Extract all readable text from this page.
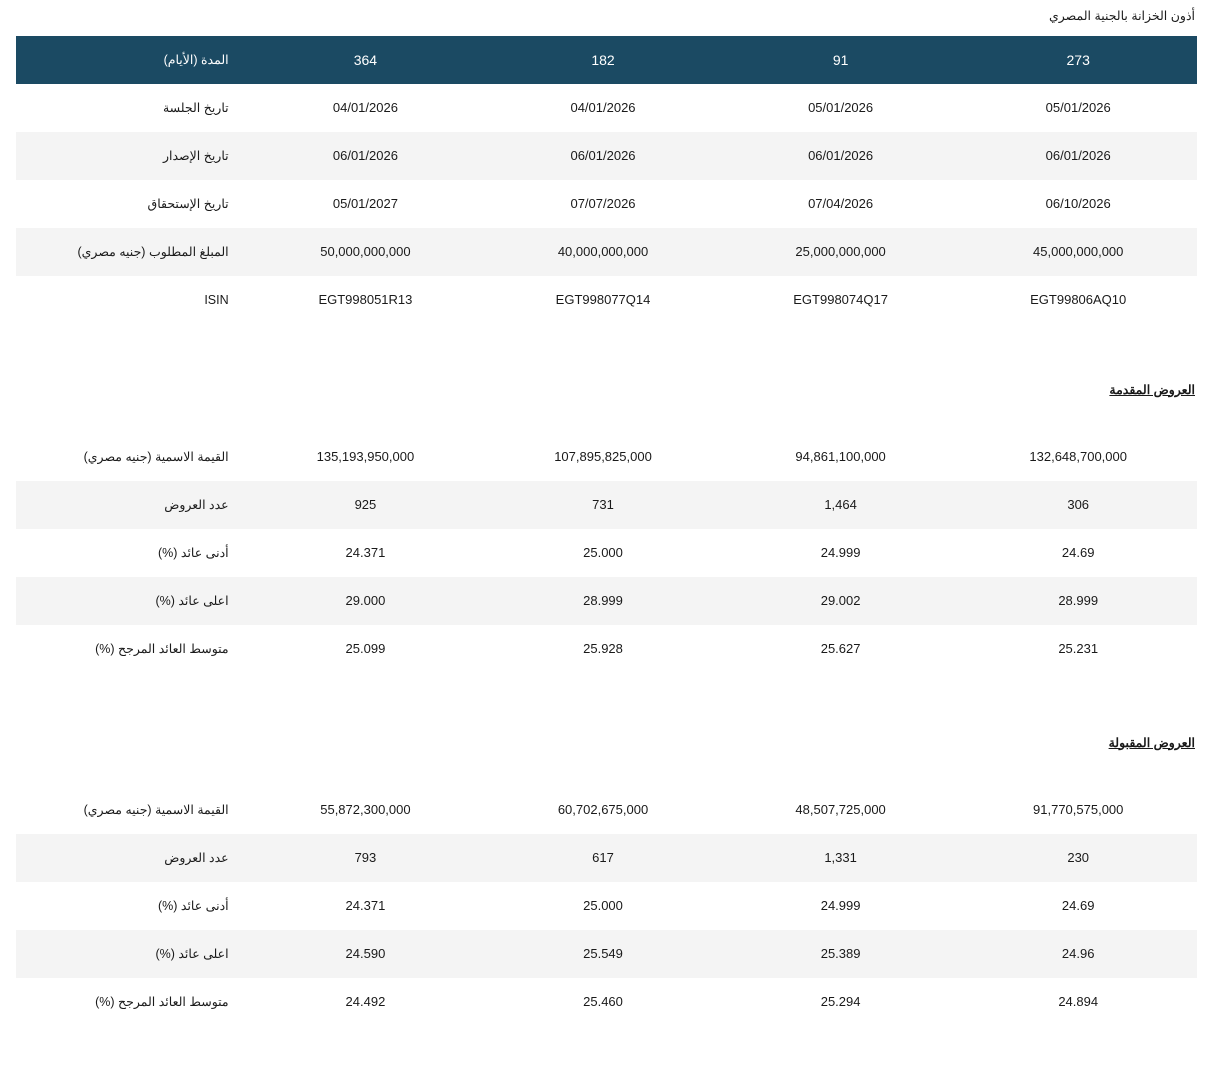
أذون الخزانة بالجنية المصري
273	91	182	364	المدة (الأيام)
05/01/2026	05/01/2026	04/01/2026	04/01/2026	تاريخ الجلسة
06/01/2026	06/01/2026	06/01/2026	06/01/2026	تاريخ الإصدار
06/10/2026	07/04/2026	07/07/2026	05/01/2027	تاريخ الإستحقاق
45,000,000,000	25,000,000,000	40,000,000,000	50,000,000,000	المبلغ المطلوب (جنيه مصري)
EGT99806AQ10	EGT998074Q17	EGT998077Q14	EGT998051R13	ISIN
العروض المقدمة
132,648,700,000	94,861,100,000	107,895,825,000	135,193,950,000	القيمة الاسمية (جنيه مصري)
306	1,464	731	925	عدد العروض
24.69	24.999	25.000	24.371	أدنى عائد (%)
28.999	29.002	28.999	29.000	اعلى عائد (%)
25.231	25.627	25.928	25.099	متوسط العائد المرجح (%)
العروض المقبولة
91,770,575,000	48,507,725,000	60,702,675,000	55,872,300,000	القيمة الاسمية (جنيه مصري)
230	1,331	617	793	عدد العروض
24.69	24.999	25.000	24.371	أدنى عائد (%)
24.96	25.389	25.549	24.590	اعلى عائد (%)
24.894	25.294	25.460	24.492	متوسط العائد المرجح (%)
